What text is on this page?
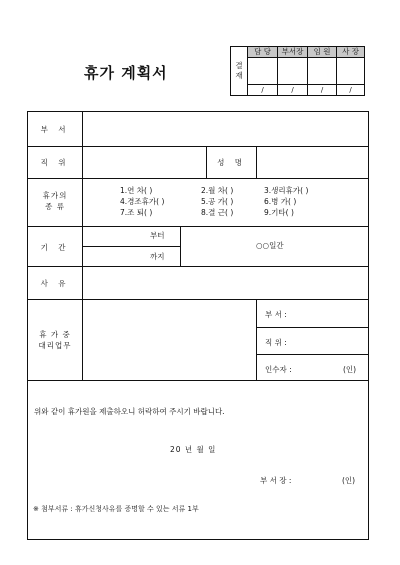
휴가 계획서	결
재
담 당	부서장	임 원	사 장
/	/	/	/
부 서
직 위	성 명
휴가의
종 류
1.연 차( )	2.월 차( )	3.생리휴가( )
4.경조휴가( )	5.공 가( )	6.병 가( )
7.조 퇴( )	8.결 근( )	9.기타( )
기 간
부터
까지
○○일간
사 유
휴 가 중
대리업무
부 서 :
직 위 :
인수자 :	(인)
위와 같이 휴가원을 제출하오니 허락하여 주시기 바랍니다.
20 년 월 일
부 서 장 :	(인)
※ 첨부서류 : 휴가신청사유를 증명할 수 있는 서류 1부
